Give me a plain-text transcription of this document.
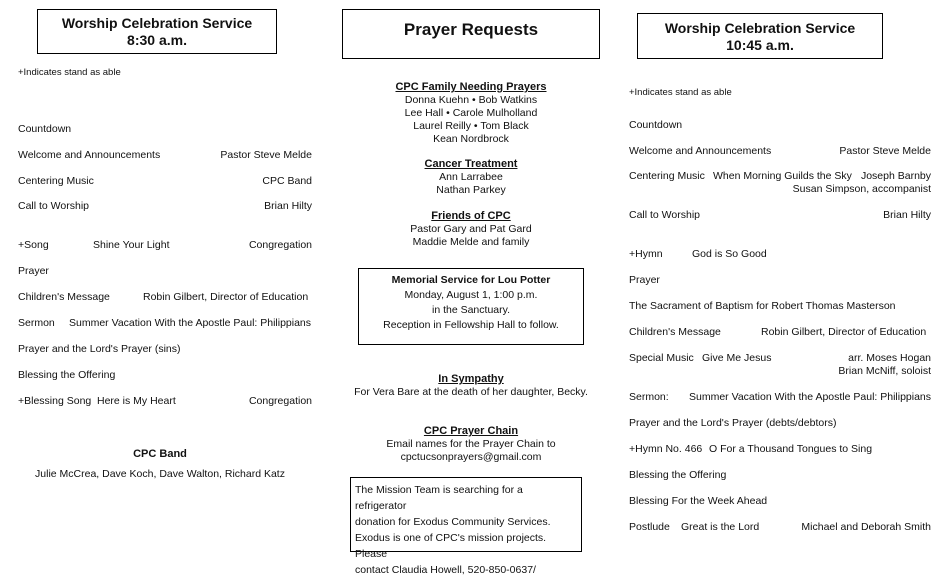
Worship Celebration Service
8:30 a.m.
+Indicates stand as able
Countdown
Welcome and Announcements	Pastor Steve Melde
Centering Music	CPC Band
Call to Worship	Brian Hilty
+Song	Shine Your Light	Congregation
Prayer
Children's Message	Robin Gilbert, Director of Education
Sermon Summer Vacation With the Apostle Paul: Philippians
Prayer and the Lord's Prayer (sins)
Blessing the Offering
+Blessing Song Here is My Heart	Congregation
CPC Band
Julie McCrea, Dave Koch, Dave Walton, Richard Katz
Prayer Requests
CPC Family Needing Prayers
Donna Kuehn • Bob Watkins
Lee Hall • Carole Mulholland
Laurel Reilly • Tom Black
Kean Nordbrock
Cancer Treatment
Ann Larrabee
Nathan Parkey
Friends of CPC
Pastor Gary and Pat Gard
Maddie Melde and family
Memorial Service for Lou Potter
Monday, August 1, 1:00 p.m.
in the Sanctuary.
Reception in Fellowship Hall to follow.
In Sympathy
For Vera Bare at the death of her daughter, Becky.
CPC Prayer Chain
Email names for the Prayer Chain to
cpctucsonprayers@gmail.com
The Mission Team is searching for a refrigerator
donation for Exodus Community Services.
Exodus is one of CPC's mission projects. Please
contact Claudia Howell, 520-850-0637/
Worship Celebration Service
10:45 a.m.
+Indicates stand as able
Countdown
Welcome and Announcements	Pastor Steve Melde
Centering Music When Morning Guilds the Sky Joseph Barnby
Susan Simpson, accompanist
Call to Worship	Brian Hilty
+Hymn	God is So Good
Prayer
The Sacrament of Baptism for Robert Thomas Masterson
Children's Message	Robin Gilbert, Director of Education
Special Music Give Me Jesus	arr. Moses Hogan
Brian McNiff, soloist
Sermon: Summer Vacation With the Apostle Paul: Philippians
Prayer and the Lord's Prayer (debts/debtors)
+Hymn No. 466 O For a Thousand Tongues to Sing
Blessing the Offering
Blessing For the Week Ahead
Postlude Great is the Lord	Michael and Deborah Smith
